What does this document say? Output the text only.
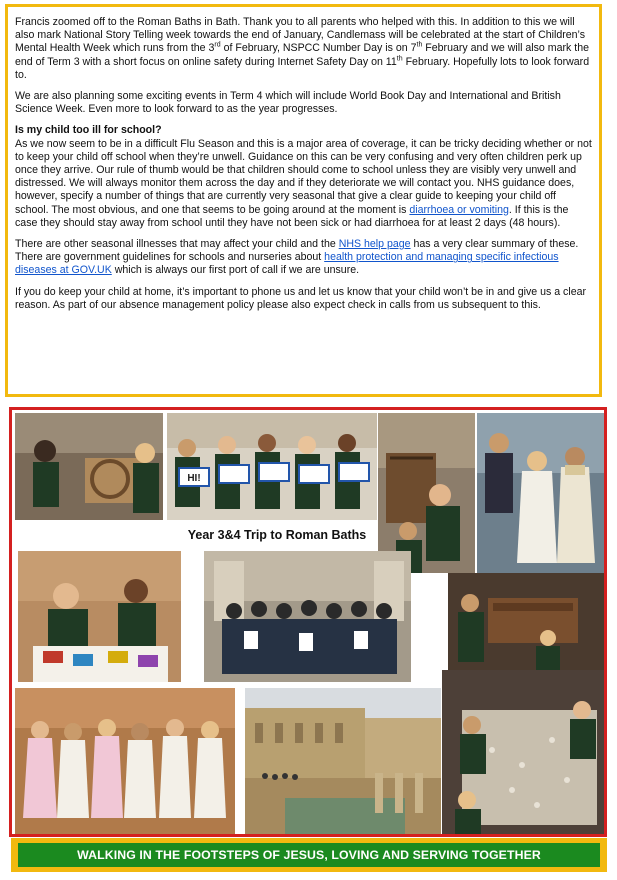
Francis zoomed off to the Roman Baths in Bath. Thank you to all parents who helped with this. In addition to this we will also mark National Story Telling week towards the end of January, Candlemass will be celebrated at the start of Children’s Mental Health Week which runs from the 3rd of February, NSPCC Number Day is on 7th February and we will also mark the end of Term 3 with a short focus on online safety during Internet Safety Day on 11th February. Hopefully lots to look forward to.

We are also planning some exciting events in Term 4 which will include World Book Day and International and British Science Week. Even more to look forward to as the year progresses.

Is my child too ill for school?

As we now seem to be in a difficult Flu Season and this is a major area of coverage, it can be tricky deciding whether or not to keep your child off school when they’re unwell. Guidance on this can be very confusing and very often children perk up once they arrive. Our rule of thumb would be that children should come to school unless they are visibly very unwell and distressed. We will always monitor them across the day and if they deteriorate we will contact you. NHS guidance does, however, specify a number of things that are currently very seasonal that give a clear guide to keeping your child off school. The most obvious, and one that seems to be going around at the moment is diarrhoea or vomiting. If this is the case they should stay away from school until they have not been sick or had diarrhoea for at least 2 days (48 hours).

There are other seasonal illnesses that may affect your child and the NHS help page has a very clear summary of these. There are government guidelines for schools and nurseries about health protection and managing specific infectious diseases at GOV.UK which is always our first port of call if we are unsure.

If you do keep your child at home, it’s important to phone us and let us know that your child won’t be in and give us a clear reason. As part of our absence management policy please also expect check in calls from us subsequent to this.

HI!
Year 3&4 Trip to Roman Baths
WALKING IN THE FOOTSTEPS OF JESUS, LOVING AND SERVING TOGETHER
